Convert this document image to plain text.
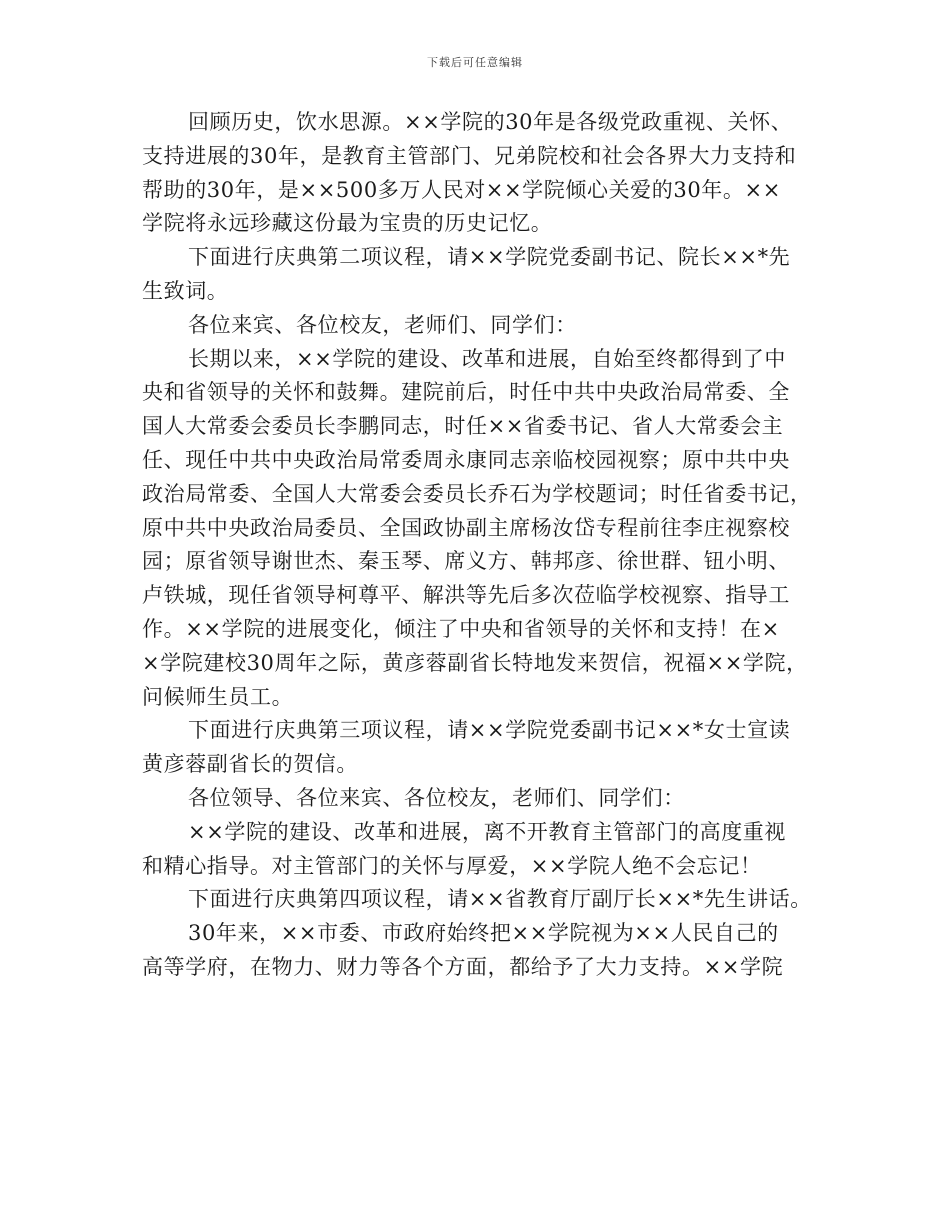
下载后可任意编辑
回顾历史，饮水思源。××学院的30年是各级党政重视、关怀、
支持进展的30年，是教育主管部门、兄弟院校和社会各界大力支持和
帮助的30年，是××500多万人民对××学院倾心关爱的30年。××
学院将永远珍藏这份最为宝贵的历史记忆。
下面进行庆典第二项议程，请××学院党委副书记、院长××*先
生致词。
各位来宾、各位校友，老师们、同学们：
长期以来，××学院的建设、改革和进展，自始至终都得到了中
央和省领导的关怀和鼓舞。建院前后，时任中共中央政治局常委、全
国人大常委会委员长李鹏同志，时任××省委书记、省人大常委会主
任、现任中共中央政治局常委周永康同志亲临校园视察；原中共中央
政治局常委、全国人大常委会委员长乔石为学校题词；时任省委书记，
原中共中央政治局委员、全国政协副主席杨汝岱专程前往李庄视察校
园；原省领导谢世杰、秦玉琴、席义方、韩邦彦、徐世群、钮小明、
卢铁城，现任省领导柯尊平、解洪等先后多次莅临学校视察、指导工
作。××学院的进展变化，倾注了中央和省领导的关怀和支持！在×
×学院建校30周年之际，黄彦蓉副省长特地发来贺信，祝福××学院，
问候师生员工。
下面进行庆典第三项议程，请××学院党委副书记××*女士宣读
黄彦蓉副省长的贺信。
各位领导、各位来宾、各位校友，老师们、同学们：
××学院的建设、改革和进展，离不开教育主管部门的高度重视
和精心指导。对主管部门的关怀与厚爱，××学院人绝不会忘记！
下面进行庆典第四项议程，请××省教育厅副厅长××*先生讲话。
30年来，××市委、市政府始终把××学院视为××人民自己的
高等学府，在物力、财力等各个方面，都给予了大力支持。××学院
